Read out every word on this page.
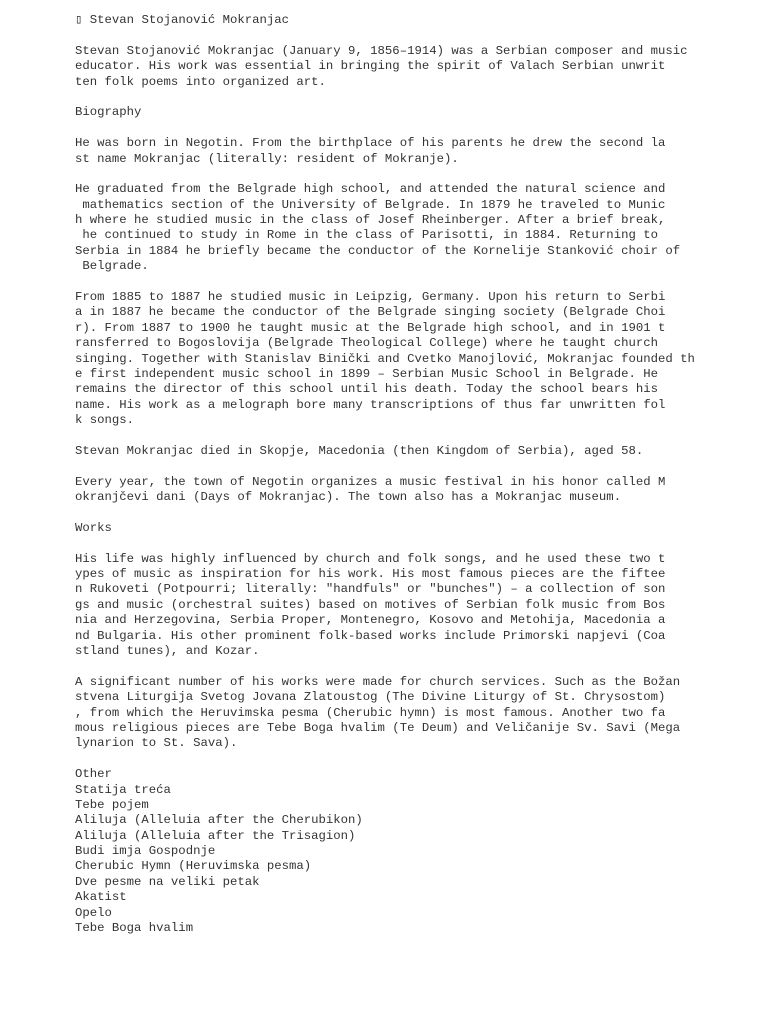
▯ Stevan Stojanović Mokranjac
Stevan Stojanović Mokranjac (January 9, 1856–1914) was a Serbian composer and music
educator. His work was essential in bringing the spirit of Valach Serbian unwrit
ten folk poems into organized art.
Biography
He was born in Negotin. From the birthplace of his parents he drew the second la
st name Mokranjac (literally: resident of Mokranje).
He graduated from the Belgrade high school, and attended the natural science and
mathematics section of the University of Belgrade. In 1879 he traveled to Munic
h where he studied music in the class of Josef Rheinberger. After a brief break,
he continued to study in Rome in the class of Parisotti, in 1884. Returning to
Serbia in 1884 he briefly became the conductor of the Kornelije Stanković choir of
Belgrade.
From 1885 to 1887 he studied music in Leipzig, Germany. Upon his return to Serbi
a in 1887 he became the conductor of the Belgrade singing society (Belgrade Choi
r). From 1887 to 1900 he taught music at the Belgrade high school, and in 1901 t
ransferred to Bogoslovija (Belgrade Theological College) where he taught church
singing. Together with Stanislav Binički and Cvetko Manojlović, Mokranjac founded th
e first independent music school in 1899 – Serbian Music School in Belgrade. He
remains the director of this school until his death. Today the school bears his
name. His work as a melograph bore many transcriptions of thus far unwritten fol
k songs.
Stevan Mokranjac died in Skopje, Macedonia (then Kingdom of Serbia), aged 58.
Every year, the town of Negotin organizes a music festival in his honor called M
okranjčevi dani (Days of Mokranjac). The town also has a Mokranjac museum.
Works
His life was highly influenced by church and folk songs, and he used these two t
ypes of music as inspiration for his work. His most famous pieces are the fiftee
n Rukoveti (Potpourri; literally: "handfuls" or "bunches") – a collection of son
gs and music (orchestral suites) based on motives of Serbian folk music from Bos
nia and Herzegovina, Serbia Proper, Montenegro, Kosovo and Metohija, Macedonia a
nd Bulgaria. His other prominent folk-based works include Primorski napjevi (Coa
stland tunes), and Kozar.
A significant number of his works were made for church services. Such as the Božan
stvena Liturgija Svetog Jovana Zlatoustog (The Divine Liturgy of St. Chrysostom)
, from which the Heruvimska pesma (Cherubic hymn) is most famous. Another two fa
mous religious pieces are Tebe Boga hvalim (Te Deum) and Veličanije Sv. Savi (Mega
lynarion to St. Sava).
Other
Statija treća
Tebe pojem
Aliluja (Alleluia after the Cherubikon)
Aliluja (Alleluia after the Trisagion)
Budi imja Gospodnje
Cherubic Hymn (Heruvimska pesma)
Dve pesme na veliki petak
Akatist
Opelo
Tebe Boga hvalim
